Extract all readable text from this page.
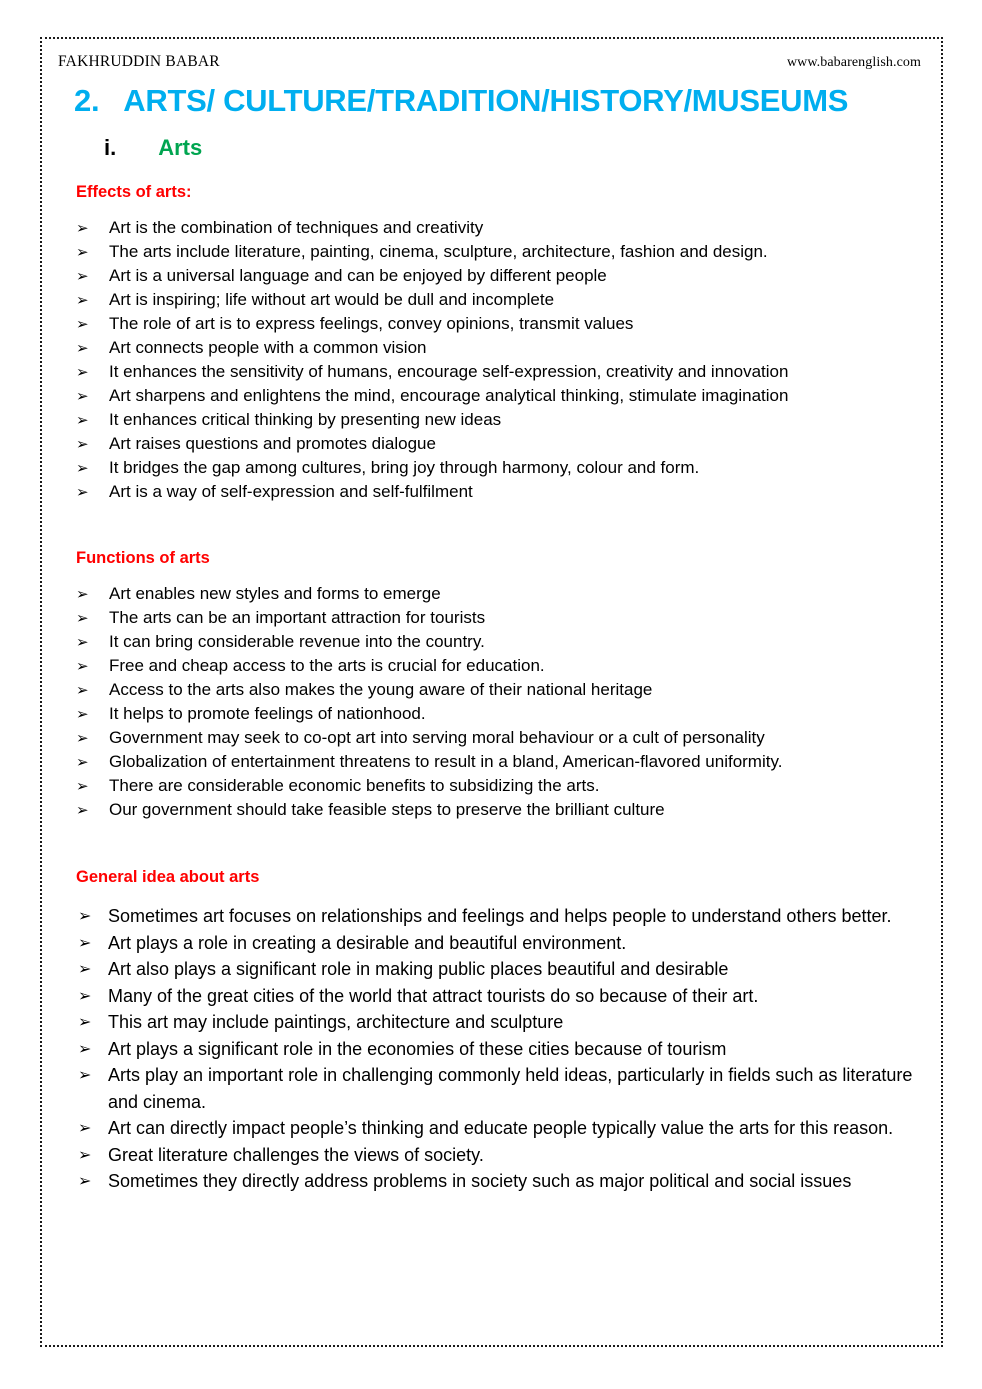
FAKHRUDDIN BABAR	www.babarenglish.com
2. ARTS/ CULTURE/TRADITION/HISTORY/MUSEUMS
i. Arts
Effects of arts:
➢	Art is the combination of techniques and creativity
➢	The arts include literature, painting, cinema, sculpture, architecture, fashion and design.
➢	Art is a universal language and can be enjoyed by different people
➢	Art is inspiring; life without art would be dull and incomplete
➢	The role of art is to express feelings, convey opinions, transmit values
➢	Art connects people with a common vision
➢	It enhances the sensitivity of humans, encourage self-expression, creativity and innovation
➢	Art sharpens and enlightens the mind, encourage analytical thinking, stimulate imagination
➢	It enhances critical thinking by presenting new ideas
➢	Art raises questions and promotes dialogue
➢	It bridges the gap among cultures, bring joy through harmony, colour and form.
➢	Art is a way of self-expression and self-fulfilment
Functions of arts
➢	Art enables new styles and forms to emerge
➢	The arts can be an important attraction for tourists
➢	It can bring considerable revenue into the country.
➢	Free and cheap access to the arts is crucial for education.
➢	Access to the arts also makes the young aware of their national heritage
➢	It helps to promote feelings of nationhood.
➢	Government may seek to co-opt art into serving moral behaviour or a cult of personality
➢	Globalization of entertainment threatens to result in a bland, American-flavored uniformity.
➢	There are considerable economic benefits to subsidizing the arts.
➢	Our government should take feasible steps to preserve the brilliant culture
General idea about arts
➢ Sometimes art focuses on relationships and feelings and helps people to understand others better.
➢ Art plays a role in creating a desirable and beautiful environment.
➢ Art also plays a significant role in making public places beautiful and desirable
➢ Many of the great cities of the world that attract tourists do so because of their art.
➢ This art may include paintings, architecture and sculpture
➢ Art plays a significant role in the economies of these cities because of tourism
➢ Arts play an important role in challenging commonly held ideas, particularly in fields such as literature and cinema.
➢ Art can directly impact people’s thinking and educate people typically value the arts for this reason.
➢ Great literature challenges the views of society.
➢ Sometimes they directly address problems in society such as major political and social issues
